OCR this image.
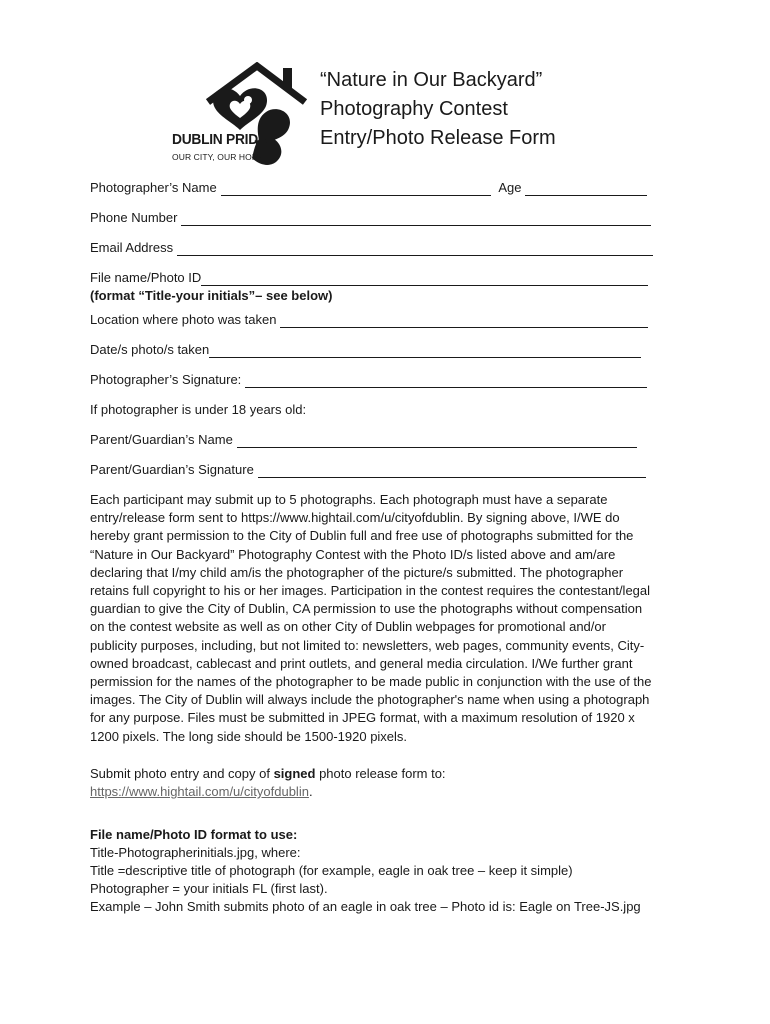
DUBLIN PRIDE
OUR CITY, OUR HOME
“Nature in Our Backyard”
Photography Contest
Entry/Photo Release Form
Photographer’s Name	Age
Phone Number
Email Address
File name/Photo ID
(format “Title-your initials”– see below)
Location where photo was taken
Date/s photo/s taken
Photographer’s Signature:
If photographer is under 18 years old:
Parent/Guardian’s Name
Parent/Guardian’s Signature
Each participant may submit up to 5 photographs. Each photograph must have a separate
entry/release form sent to https://www.hightail.com/u/cityofdublin. By signing above, I/WE do
hereby grant permission to the City of Dublin full and free use of photographs submitted for the
“Nature in Our Backyard” Photography Contest with the Photo ID/s listed above and am/are
declaring that I/my child am/is the photographer of the picture/s submitted. The photographer
retains full copyright to his or her images. Participation in the contest requires the contestant/legal
guardian to give the City of Dublin, CA permission to use the photographs without compensation
on the contest website as well as on other City of Dublin webpages for promotional and/or
publicity purposes, including, but not limited to: newsletters, web pages, community events, City-
owned broadcast, cablecast and print outlets, and general media circulation. I/We further grant
permission for the names of the photographer to be made public in conjunction with the use of the
images. The City of Dublin will always include the photographer's name when using a photograph
for any purpose. Files must be submitted in JPEG format, with a maximum resolution of 1920 x
1200 pixels. The long side should be 1500-1920 pixels.
Submit photo entry and copy of signed photo release form to:
https://www.hightail.com/u/cityofdublin.
File name/Photo ID format to use:
Title-Photographerinitials.jpg, where:
Title =descriptive title of photograph (for example, eagle in oak tree – keep it simple)
Photographer = your initials FL (first last).
Example – John Smith submits photo of an eagle in oak tree – Photo id is: Eagle on Tree-JS.jpg
